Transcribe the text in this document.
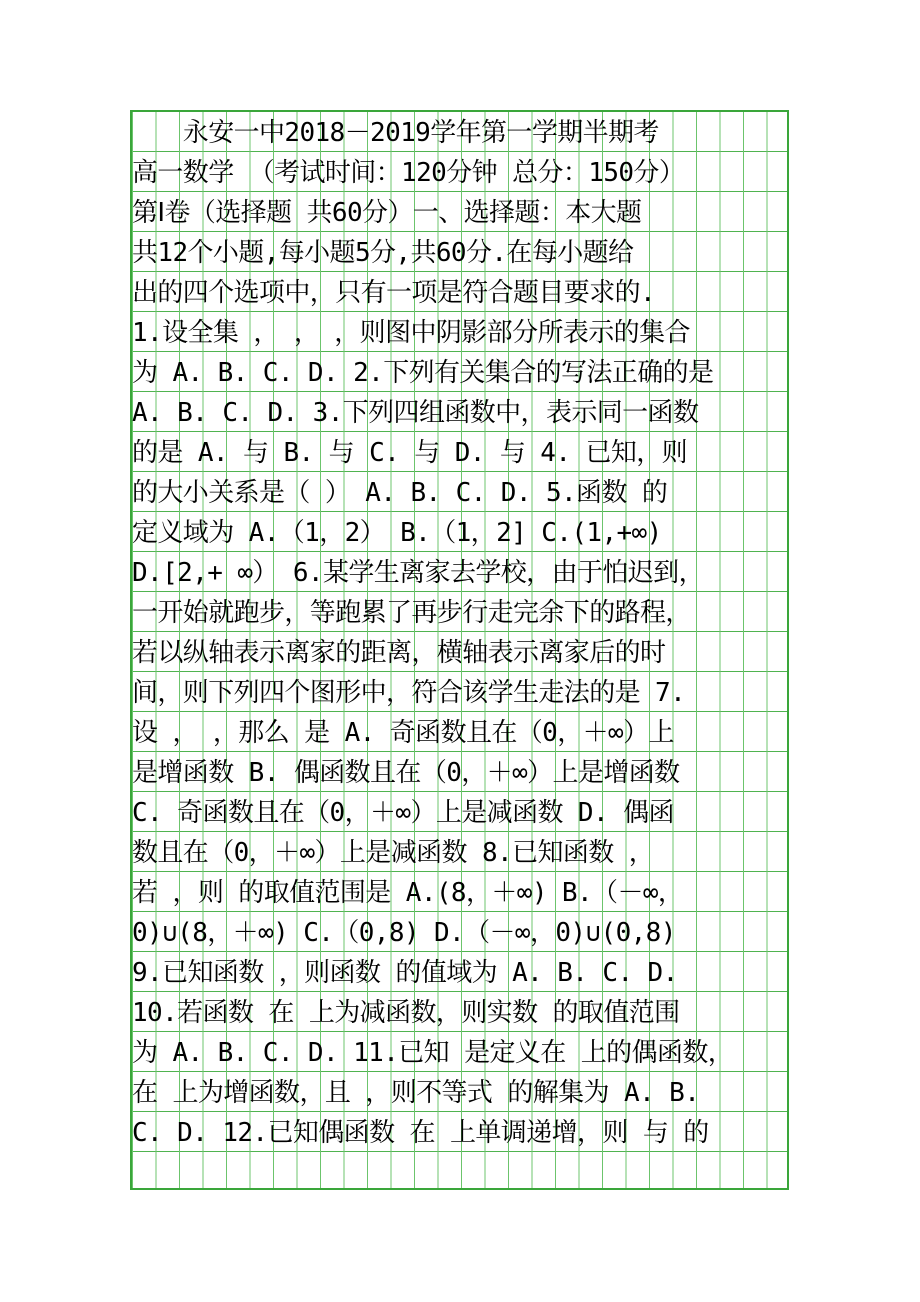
　　永安一中2018－2019学年第一学期半期考
高一数学 （考试时间：120分钟 总分：150分）
第Ⅰ卷（选择题 共60分）一、选择题：本大题
共12个小题,每小题5分,共60分.在每小题给
出的四个选项中，只有一项是符合题目要求的.
1.设全集 ， ， ，则图中阴影部分所表示的集合
为 A. B. C. D. 2.下列有关集合的写法正确的是
A. B. C. D. 3.下列四组函数中，表示同一函数
的是 A. 与 B. 与 C. 与 D. 与 4. 已知，则
的大小关系是（ ） A. B. C. D. 5.函数 的
定义域为 A.（1，2） B.（1，2] C.(1,+∞)
D.[2,+ ∞） 6.某学生离家去学校，由于怕迟到，
一开始就跑步，等跑累了再步行走完余下的路程，
若以纵轴表示离家的距离，横轴表示离家后的时
间，则下列四个图形中，符合该学生走法的是 7.
设 ， ，那么 是 A. 奇函数且在（0，＋∞）上
是增函数 B. 偶函数且在（0，＋∞）上是增函数
C. 奇函数且在（0，＋∞）上是减函数 D. 偶函
数且在（0，＋∞）上是减函数 8.已知函数 ，
若 ，则 的取值范围是 A.(8，＋∞) B.（－∞，
0)∪(8，＋∞) C.（0,8) D.（－∞，0)∪(0,8)
9.已知函数 ，则函数 的值域为 A. B. C. D.
10.若函数 在 上为减函数，则实数 的取值范围
为 A. B. C. D. 11.已知 是定义在 上的偶函数，
在 上为增函数，且 ，则不等式 的解集为 A. B.
C. D. 12.已知偶函数 在 上单调递增，则 与 的
